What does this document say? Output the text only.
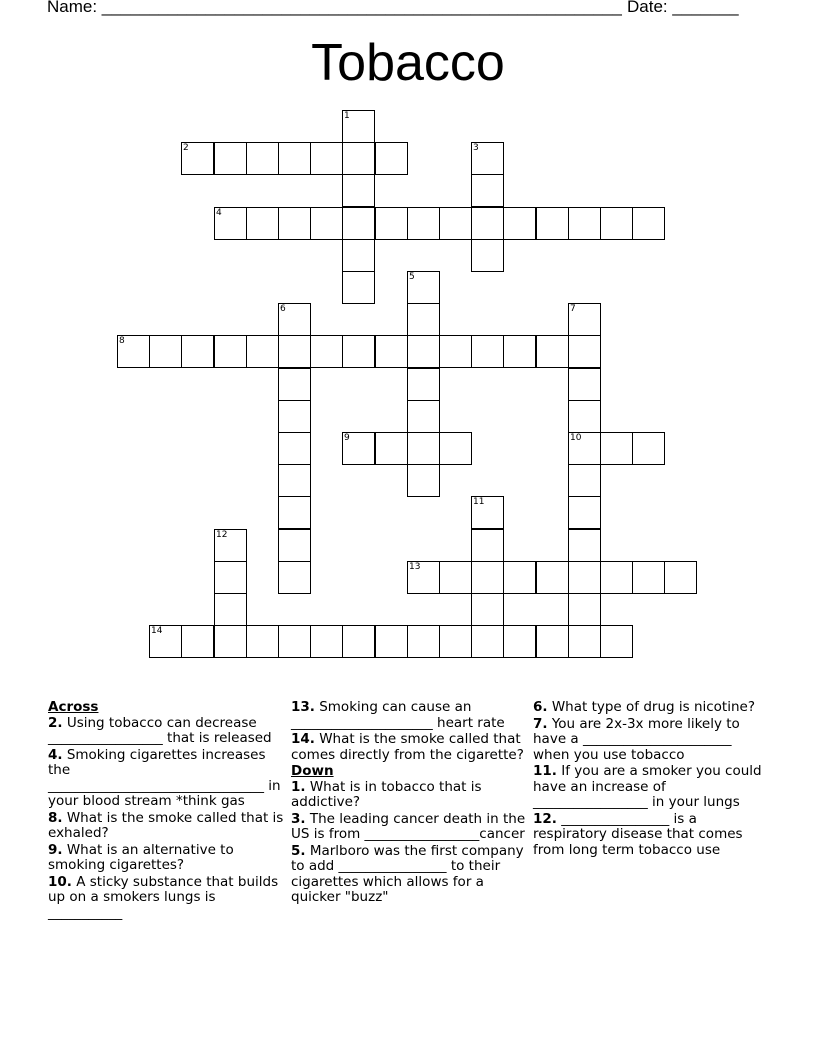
Name: _______________________________________________________ Date: _______
Tobacco
1
2	3
4
5
6	7
10
8
9
11
12
13
14
Across
2. Using tobacco can decrease _________________ that is released
4. Smoking cigarettes increases the ________________________________ in your blood stream *think gas
8. What is the smoke called that is exhaled?
9. What is an alternative to smoking cigarettes?
10. A sticky substance that builds up on a smokers lungs is ___________
13. Smoking can cause an _____________________ heart rate
14. What is the smoke called that comes directly from the cigarette?
Down
1. What is in tobacco that is addictive?
3. The leading cancer death in the US is from _________________cancer
5. Marlboro was the first company to add ________________ to their cigarettes which allows for a quicker "buzz"
6. What type of drug is nicotine?
7. You are 2x-3x more likely to have a ______________________ when you use tobacco
11. If you are a smoker you could have an increase of _________________ in your lungs
12. ________________ is a respiratory disease that comes from long term tobacco use
